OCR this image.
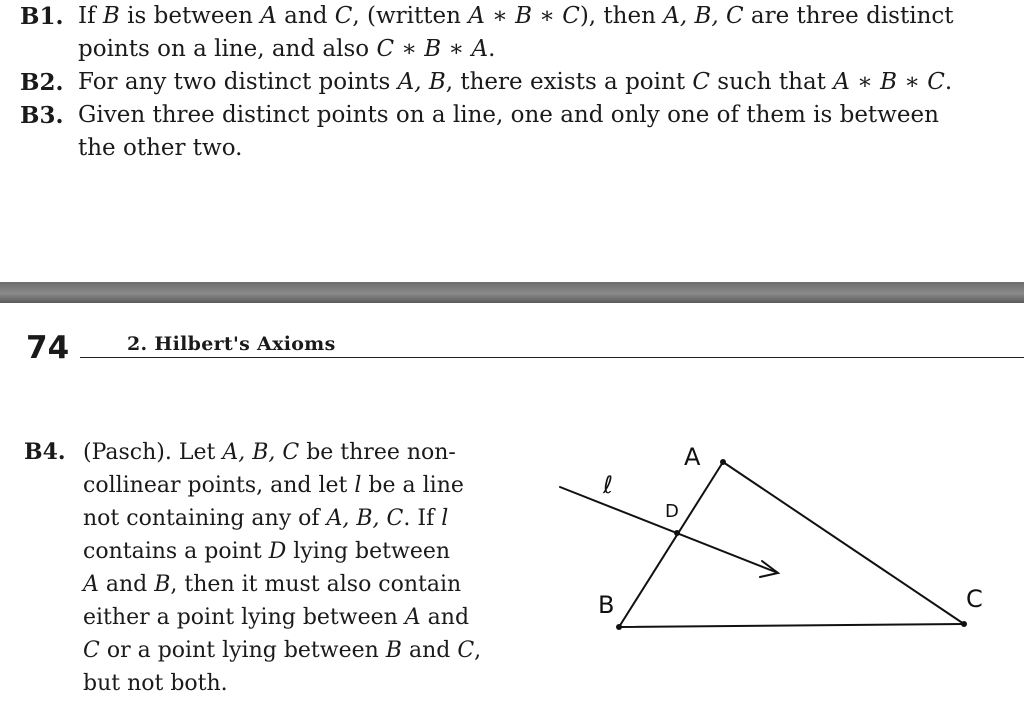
B1. If B is between A and C, (written A ∗ B ∗ C), then A, B, C are three distinct
points on a line, and also C ∗ B ∗ A.
B2. For any two distinct points A, B, there exists a point C such that A ∗ B ∗ C.
B3. Given three distinct points on a line, one and only one of them is between
the other two.
74	2. Hilbert's Axioms
B4. (Pasch). Let A, B, C be three non-
collinear points, and let l be a line
not containing any of A, B, C. If l
contains a point D lying between
A and B, then it must also contain
either a point lying between A and
C or a point lying between B and C,
but not both.
A
B	C
D
ℓ
